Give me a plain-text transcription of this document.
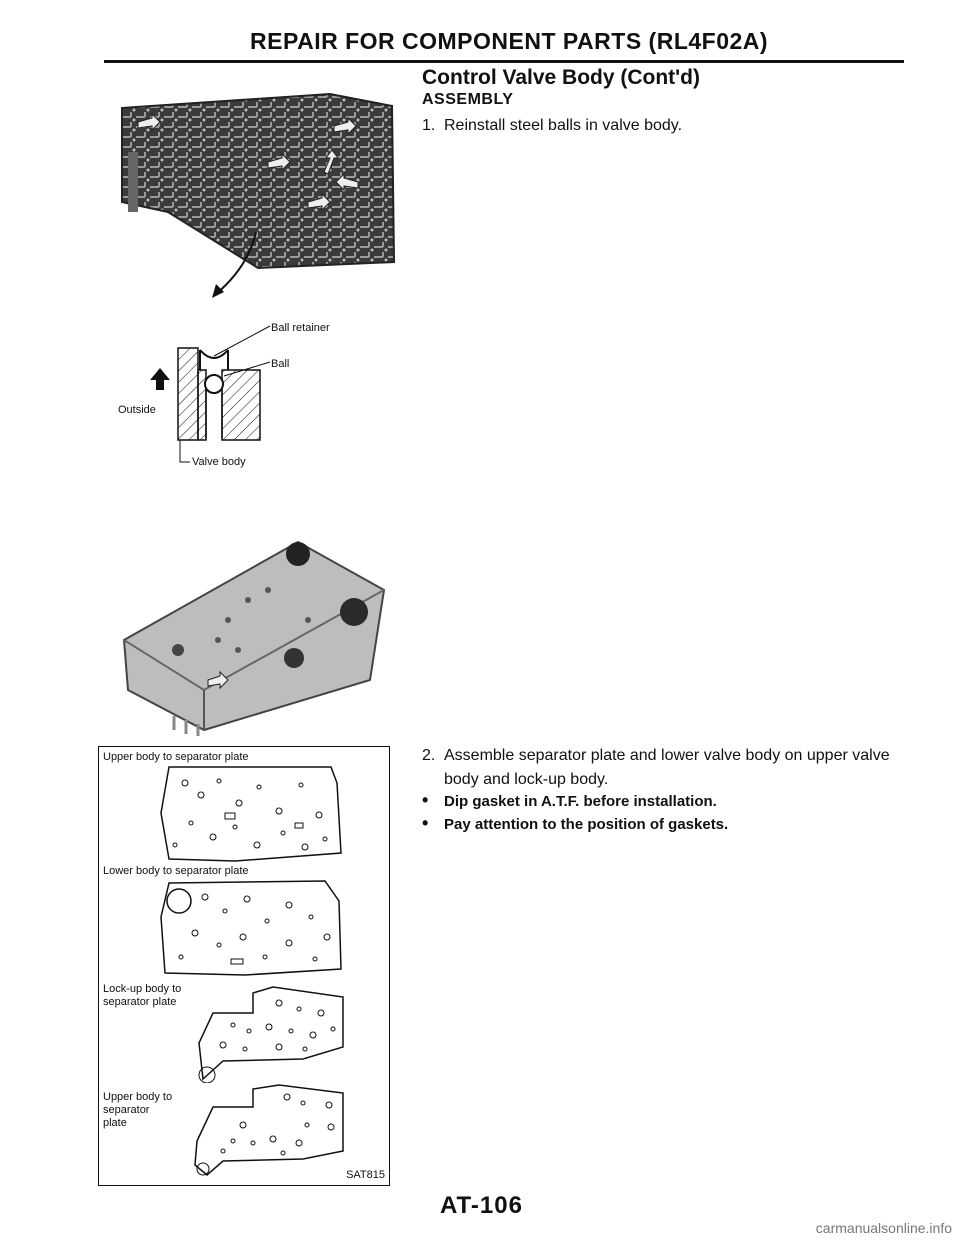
REPAIR FOR COMPONENT PARTS (RL4F02A)
Control Valve Body (Cont'd)
ASSEMBLY
1. Reinstall steel balls in valve body.
2. Assemble separator plate and lower valve body on upper valve body and lock-up body.
• Dip gasket in A.T.F. before installation.
• Pay attention to the position of gaskets.
Ball retainer
Ball
Outside
Valve body
Upper body to separator plate
Lower body to separator plate
Lock-up body to
separator plate
Upper body to
separator
plate
SAT815
AT-106
carmanualsonline.info
